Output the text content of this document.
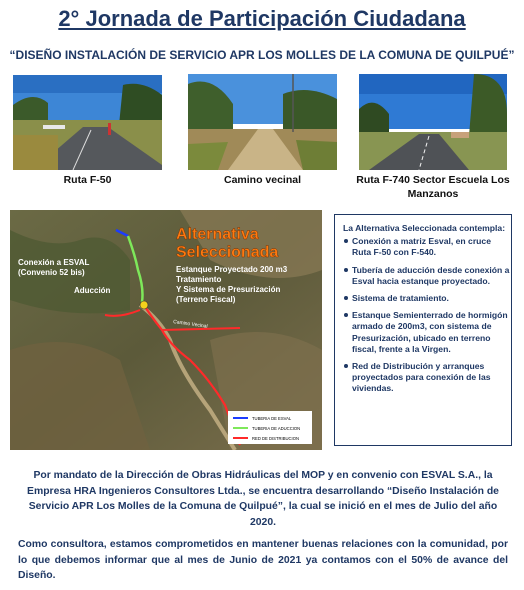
2° Jornada de Participación Ciudadana
“DISEÑO INSTALACIÓN DE SERVICIO APR LOS MOLLES DE LA COMUNA DE QUILPUÉ”
Ruta F-50	Camino vecinal	Ruta F-740 Sector Escuela Los Manzanos
TUBERIA DE ESVAL
TUBERIA DE ADUCCION
RED DE DISTRIBUCION
Alternativa
Seleccionada
Estanque Proyectado 200 m3
Tratamiento
Y Sistema de Presurización
(Terreno Fiscal)
Conexión a ESVAL
(Convenio 52 bis)
Aducción
Camino Vecinal
La Alternativa Seleccionada contempla:
Conexión a matriz Esval, en cruce Ruta F-50 con F-540.
Tubería de aducción desde conexión a Esval hacia estanque proyectado.
Sistema de tratamiento.
Estanque Semienterrado de hormigón armado de 200m3, con sistema de Presurización, ubicado en terreno fiscal, frente a la Virgen.
Red de Distribución y arranques proyectados para conexión de las viviendas.
Por mandato de la Dirección de Obras Hidráulicas del MOP y en convenio con ESVAL S.A., la Empresa HRA Ingenieros Consultores Ltda., se encuentra desarrollando “Diseño Instalación de Servicio APR Los Molles de la Comuna de Quilpué”, la cual se inició en el mes de Julio del año 2020.
Como consultora, estamos comprometidos en mantener buenas relaciones con la comunidad, por lo que debemos informar que al mes de Junio de 2021 ya contamos con el 50% de avance del Diseño.
